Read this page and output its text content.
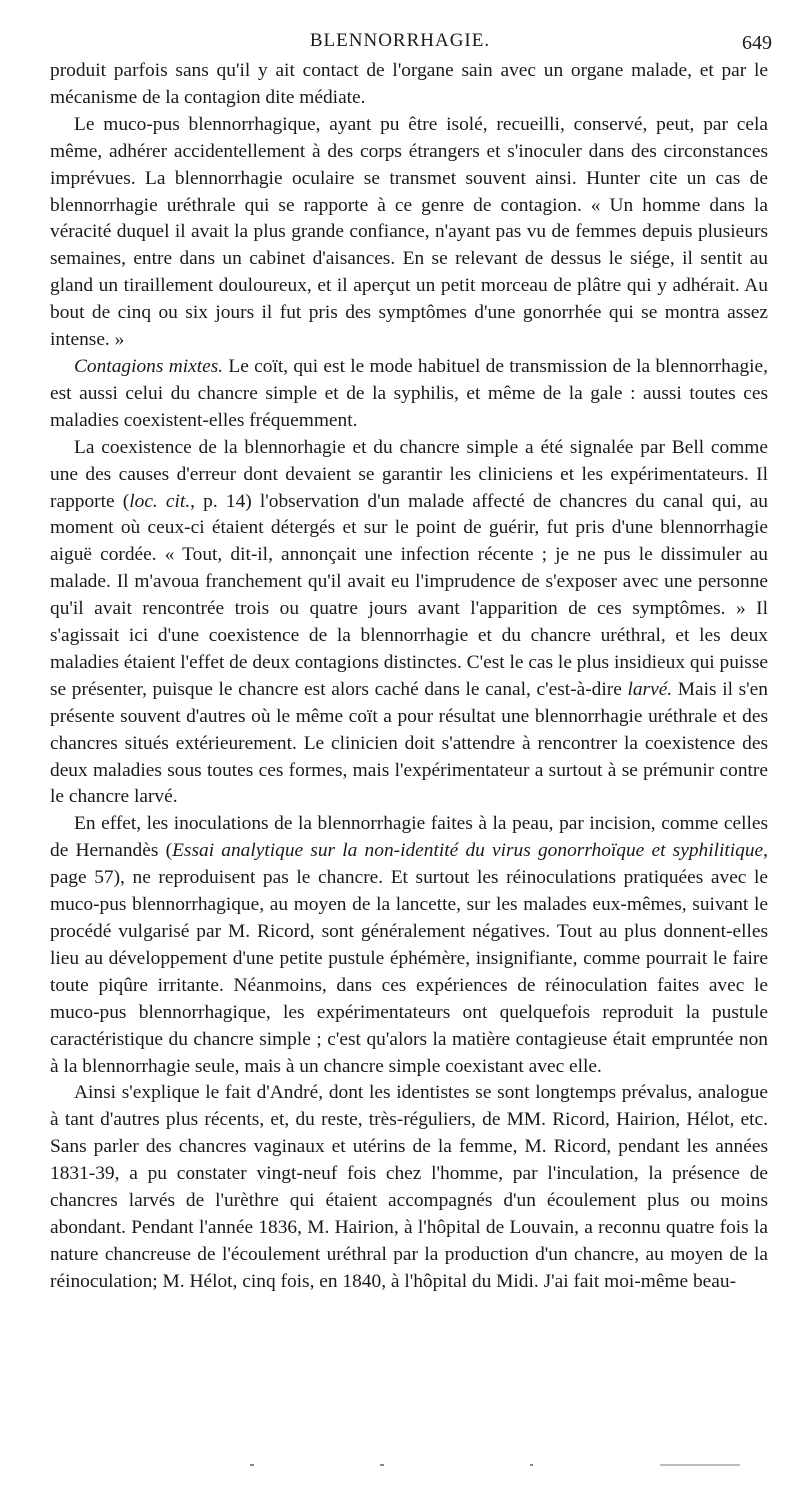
BLENNORRHAGIE.	649

produit parfois sans qu'il y ait contact de l'organe sain avec un organe malade, et par le mécanisme de la contagion dite médiate.

Le muco-pus blennorrhagique, ayant pu être isolé, recueilli, conservé, peut, par cela même, adhérer accidentellement à des corps étrangers et s'inoculer dans des circonstances imprévues. La blennorrhagie oculaire se transmet souvent ainsi. Hunter cite un cas de blennorrhagie uréthrale qui se rapporte à ce genre de contagion. « Un homme dans la véracité duquel il avait la plus grande confiance, n'ayant pas vu de femmes depuis plusieurs semaines, entre dans un cabinet d'aisances. En se relevant de dessus le siége, il sentit au gland un tiraillement douloureux, et il aperçut un petit morceau de plâtre qui y adhérait. Au bout de cinq ou six jours il fut pris des symptômes d'une gonorrhée qui se montra assez intense. »

Contagions mixtes. Le coït, qui est le mode habituel de transmission de la blennorrhagie, est aussi celui du chancre simple et de la syphilis, et même de la gale : aussi toutes ces maladies coexistent-elles fréquemment.

La coexistence de la blennorhagie et du chancre simple a été signalée par Bell comme une des causes d'erreur dont devaient se garantir les cliniciens et les expérimentateurs. Il rapporte (loc. cit., p. 14) l'observation d'un malade affecté de chancres du canal qui, au moment où ceux-ci étaient détergés et sur le point de guérir, fut pris d'une blennorrhagie aiguë cordée. « Tout, dit-il, annonçait une infection récente ; je ne pus le dissimuler au malade. Il m'avoua franchement qu'il avait eu l'imprudence de s'exposer avec une personne qu'il avait rencontrée trois ou quatre jours avant l'apparition de ces symptômes. » Il s'agissait ici d'une coexistence de la blennorrhagie et du chancre uréthral, et les deux maladies étaient l'effet de deux contagions distinctes. C'est le cas le plus insidieux qui puisse se présenter, puisque le chancre est alors caché dans le canal, c'est-à-dire larvé. Mais il s'en présente souvent d'autres où le même coït a pour résultat une blennorrhagie uréthrale et des chancres situés extérieurement. Le clinicien doit s'attendre à rencontrer la coexistence des deux maladies sous toutes ces formes, mais l'expérimentateur a surtout à se prémunir contre le chancre larvé.

En effet, les inoculations de la blennorrhagie faites à la peau, par incision, comme celles de Hernandès (Essai analytique sur la non-identité du virus gonorrhoïque et syphilitique, page 57), ne reproduisent pas le chancre. Et surtout les réinoculations pratiquées avec le muco-pus blennorrhagique, au moyen de la lancette, sur les malades eux-mêmes, suivant le procédé vulgarisé par M. Ricord, sont généralement négatives. Tout au plus donnent-elles lieu au développement d'une petite pustule éphémère, insignifiante, comme pourrait le faire toute piqûre irritante. Néanmoins, dans ces expériences de réinoculation faites avec le muco-pus blennorrhagique, les expérimentateurs ont quelquefois reproduit la pustule caractéristique du chancre simple ; c'est qu'alors la matière contagieuse était empruntée non à la blennorrhagie seule, mais à un chancre simple coexistant avec elle.

Ainsi s'explique le fait d'André, dont les identistes se sont longtemps prévalus, analogue à tant d'autres plus récents, et, du reste, très-réguliers, de MM. Ricord, Hairion, Hélot, etc. Sans parler des chancres vaginaux et utérins de la femme, M. Ricord, pendant les années 1831-39, a pu constater vingt-neuf fois chez l'homme, par l'inculation, la présence de chancres larvés de l'urèthre qui étaient accompagnés d'un écoulement plus ou moins abondant. Pendant l'année 1836, M. Hairion, à l'hôpital de Louvain, a reconnu quatre fois la nature chancreuse de l'écoulement uréthral par la production d'un chancre, au moyen de la réinoculation; M. Hélot, cinq fois, en 1840, à l'hôpital du Midi. J'ai fait moi-même beau-
